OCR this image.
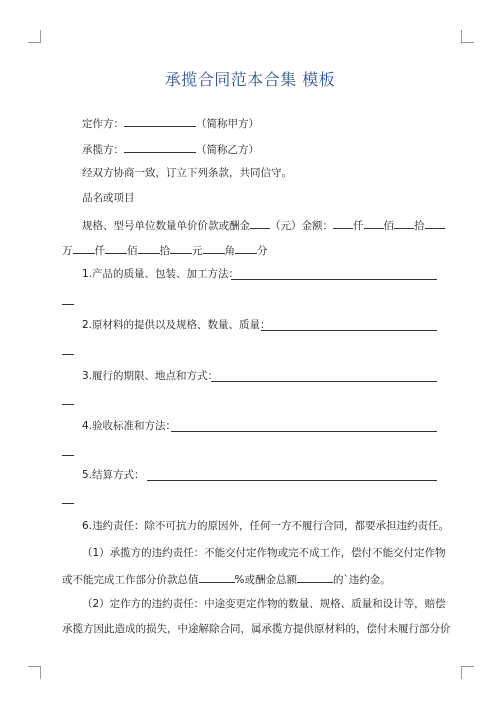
承揽合同范本合集 模板
定作方：	（简称甲方）
承揽方：	（简称乙方）
经双方协商一致，订立下列条款，共同信守。
品名或项目
规格、型号单位数量单价价款或酬金 （元）金额： 仟 佰 拾
万 仟 佰 拾 元 角 分
1.产品的质量、包装、加工方法：
2.原材料的提供以及规格、数量、质量：
3.履行的期限、地点和方式：
4.验收标准和方法：
5.结算方式：
6.违约责任：除不可抗力的原因外，任何一方不履行合同，都要承担违约责任。
（1）承揽方的违约责任：不能交付定作物或完不成工作，偿付不能交付定作物
或不能完成工作部分价款总值	%或酬金总额	的`违约金。
（2）定作方的违约责任：中途变更定作物的数量、规格、质量和设计等，赔偿
承揽方因此造成的损失，中途解除合同，属承揽方提供原材料的，偿付未履行部分价
